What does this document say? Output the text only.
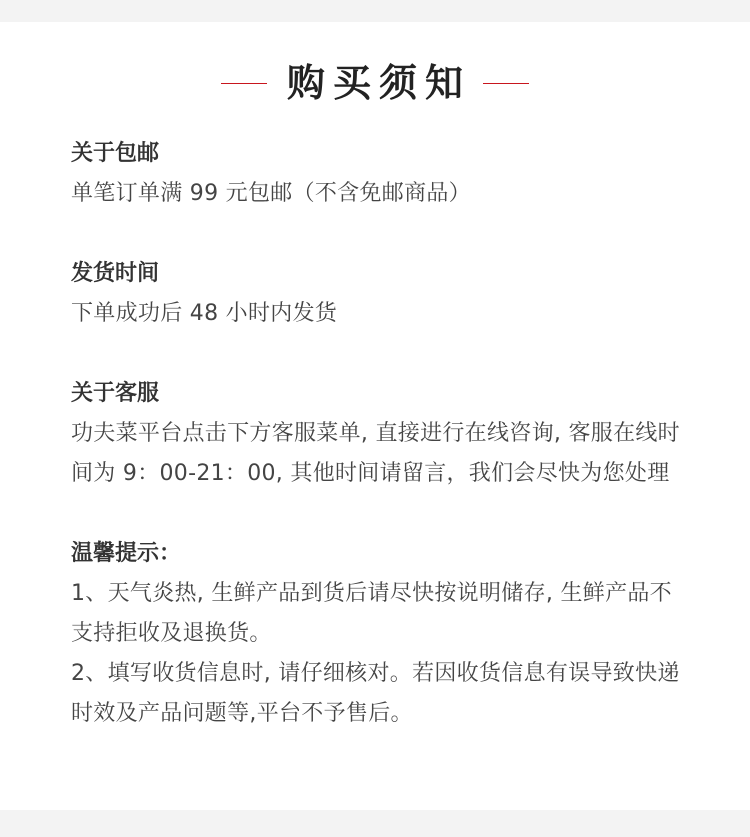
购买须知
关于包邮
单笔订单满 99 元包邮（不含免邮商品）
发货时间
下单成功后 48 小时内发货
关于客服
功夫菜平台点击下方客服菜单, 直接进行在线咨询, 客服在线时间为 9：00-21：00, 其他时间请留言，我们会尽快为您处理
温馨提示：
1、天气炎热, 生鲜产品到货后请尽快按说明储存, 生鲜产品不支持拒收及退换货。
2、填写收货信息时, 请仔细核对。若因收货信息有误导致快递时效及产品问题等,平台不予售后。
